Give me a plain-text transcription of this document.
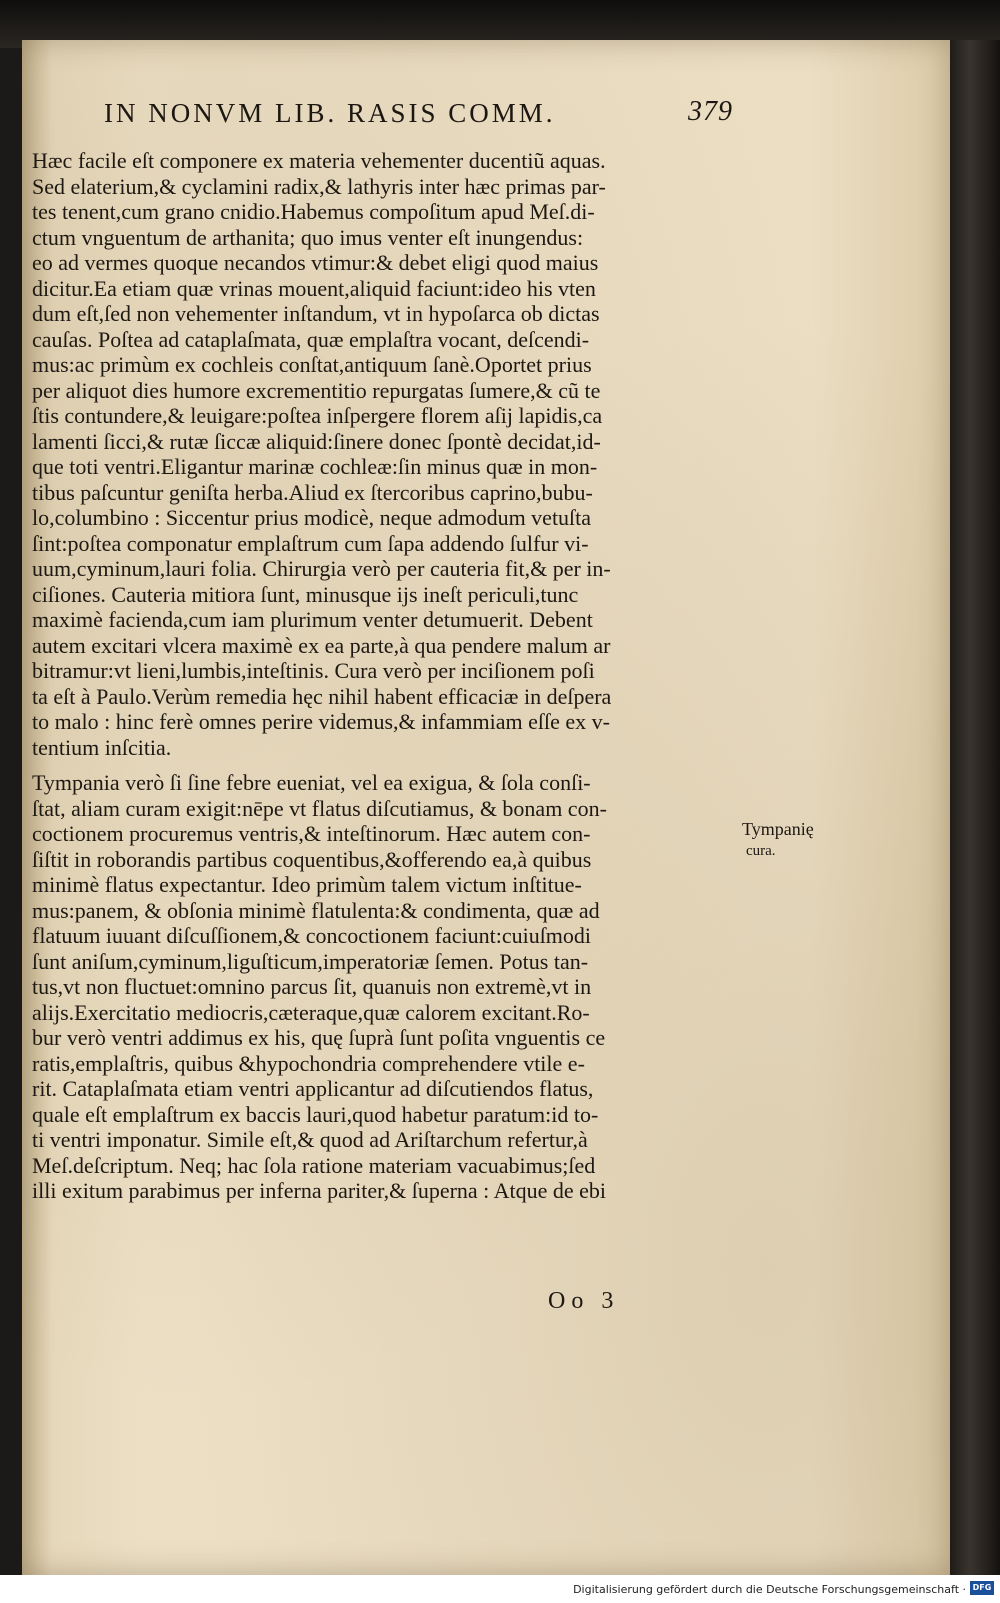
IN NONVM LIB. RASIS COMM.	379
Hæc facile eſt componere ex materia vehementer ducentiũ aquas.
Sed elaterium,& cyclamini radix,& lathyris inter hæc primas par-
tes tenent,cum grano cnidio.Habemus compoſitum apud Meſ.di-
ctum vnguentum de arthanita; quo imus venter eſt inungendus:
eo ad vermes quoque necandos vtimur:& debet eligi quod maius
dicitur.Ea etiam quæ vrinas mouent,aliquid faciunt:ideo his vten
dum eſt,ſed non vehementer inſtandum, vt in hypoſarca ob dictas
cauſas. Poſtea ad cataplaſmata, quæ emplaſtra vocant, deſcendi-
mus:ac primùm ex cochleis conſtat,antiquum ſanè.Oportet prius
per aliquot dies humore excrementitio repurgatas ſumere,& cũ te
ſtis contundere,& leuigare:poſtea inſpergere florem aſij lapidis,ca
lamenti ſicci,& rutæ ſiccæ aliquid:ſinere donec ſpontè decidat,id-
que toti ventri.Eligantur marinæ cochleæ:ſin minus quæ in mon-
tibus paſcuntur geniſta herba.Aliud ex ſtercoribus caprino,bubu-
lo,columbino : Siccentur prius modicè, neque admodum vetuſta
ſint:poſtea componatur emplaſtrum cum ſapa addendo ſulfur vi-
uum,cyminum,lauri folia. Chirurgia verò per cauteria fit,& per in-
ciſiones. Cauteria mitiora ſunt, minusque ijs ineſt periculi,tunc
maximè facienda,cum iam plurimum venter detumuerit. Debent
autem excitari vlcera maximè ex ea parte,à qua pendere malum ar
bitramur:vt lieni,lumbis,inteſtinis. Cura verò per inciſionem poſi
ta eſt à Paulo.Verùm remedia hęc nihil habent efficaciæ in deſpera
to malo : hinc ferè omnes perire videmus,& infammiam eſſe ex v-
tentium inſcitia.
Tympania verò ſi ſine febre eueniat, vel ea exigua, & ſola conſi-
ſtat, aliam curam exigit:nēpe vt flatus diſcutiamus, & bonam con-
coctionem procuremus ventris,& inteſtinorum. Hæc autem con-
ſiſtit in roborandis partibus coquentibus,&offerendo ea,à quibus
minimè flatus expectantur. Ideo primùm talem victum inſtitue-
mus:panem, & obſonia minimè flatulenta:& condimenta, quæ ad
flatuum iuuant diſcuſſionem,& concoctionem faciunt:cuiuſmodi
ſunt aniſum,cyminum,liguſticum,imperatoriæ ſemen. Potus tan-
tus,vt non fluctuet:omnino parcus ſit, quanuis non extremè,vt in
alijs.Exercitatio mediocris,cæteraque,quæ calorem excitant.Ro-
bur verò ventri addimus ex his, quę ſuprà ſunt poſita vnguentis ce
ratis,emplaſtris, quibus &hypochondria comprehendere vtile e-
rit. Cataplaſmata etiam ventri applicantur ad diſcutiendos flatus,
quale eſt emplaſtrum ex baccis lauri,quod habetur paratum:id to-
ti ventri imponatur. Simile eſt,& quod ad Ariſtarchum refertur,à
Meſ.deſcriptum. Neq; hac ſola ratione materiam vacuabimus;ſed
illi exitum parabimus per inferna pariter,& ſuperna : Atque de ebi
Tympanię
cura.
Oo 3
Digitalisierung gefördert durch die Deutsche Forschungsgemeinschaft · DFG
